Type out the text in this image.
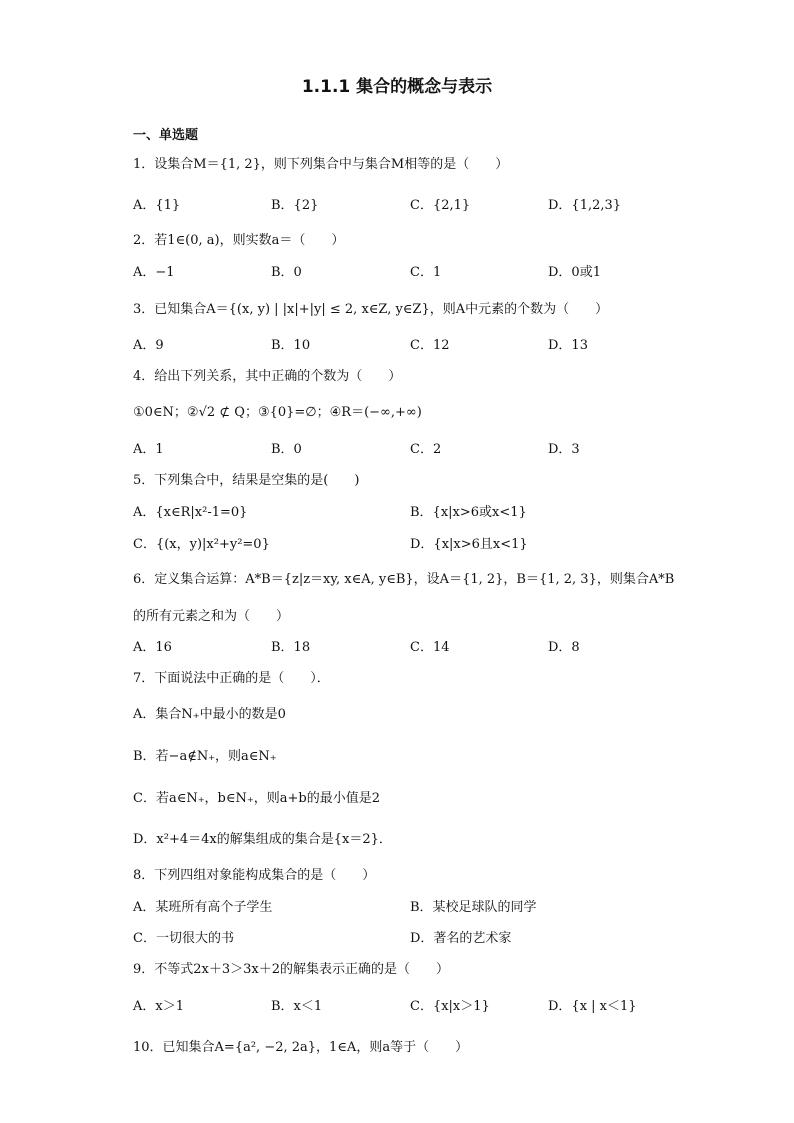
1.1.1 集合的概念与表示
一、单选题
1．设集合M＝{1, 2}，则下列集合中与集合M相等的是（　　）
A．{1}	B．{2}	C．{2,1}	D．{1,2,3}
2．若1∈(0, a)，则实数a＝（　　）
A．−1	B．0	C．1	D．0或1
3．已知集合A＝{(x, y) | |x|+|y| ≤ 2, x∈Z, y∈Z}，则A中元素的个数为（　　）
A．9	B．10	C．12	D．13
4．给出下列关系，其中正确的个数为（　　）
①0∈N；②√2 ⊄ Q；③{0}=∅；④R＝(−∞,+∞)
A．1	B．0	C．2	D．3
5．下列集合中，结果是空集的是(　　)
A．{x∈R|x²-1=0}	B．{x|x>6或x<1}
C．{(x，y)|x²+y²=0}	D．{x|x>6且x<1}
6．定义集合运算：A*B＝{z|z＝xy, x∈A, y∈B}，设A＝{1, 2}，B＝{1, 2, 3}，则集合A*B
的所有元素之和为（　　）
A．16	B．18	C．14	D．8
7．下面说法中正确的是（　　）．
A．集合N₊中最小的数是0
B．若−a∉N₊，则a∈N₊
C．若a∈N₊，b∈N₊，则a+b的最小值是2
D．x²+4＝4x的解集组成的集合是{x＝2}．
8．下列四组对象能构成集合的是（　　）
A．某班所有高个子学生	B．某校足球队的同学
C．一切很大的书	D．著名的艺术家
9．不等式2x＋3＞3x＋2的解集表示正确的是（　　）
A．x＞1	B．x＜1	C．{x|x＞1}	D．{x | x＜1}
10．已知集合A={a², −2, 2a}，1∈A，则a等于（　　）
